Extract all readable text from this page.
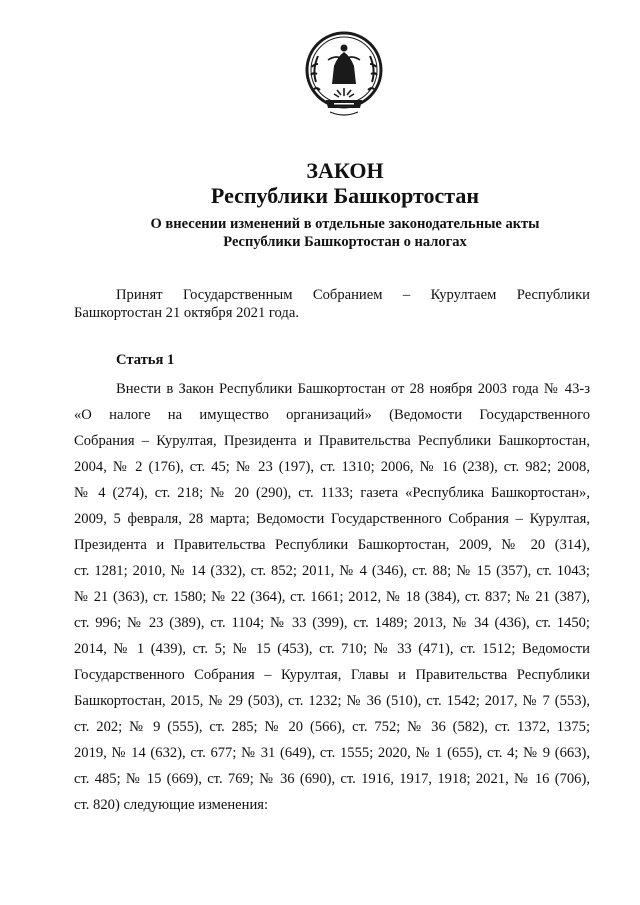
ЗАКОН
Республики Башкортостан
О внесении изменений в отдельные законодательные акты
Республики Башкортостан о налогах
Принят Государственным Собранием – Курултаем Республики
Башкортостан 21 октября 2021 года.
Статья 1
Внести в Закон Республики Башкортостан от 28 ноября 2003 года № 43-з
«О налоге на имущество организаций» (Ведомости Государственного
Собрания – Курултая, Президента и Правительства Республики Башкортостан,
2004, № 2 (176), ст. 45; № 23 (197), ст. 1310; 2006, № 16 (238), ст. 982; 2008,
№ 4 (274), ст. 218; № 20 (290), ст. 1133; газета «Республика Башкортостан»,
2009, 5 февраля, 28 марта; Ведомости Государственного Собрания – Курултая,
Президента и Правительства Республики Башкортостан, 2009, № 20 (314),
ст. 1281; 2010, № 14 (332), ст. 852; 2011, № 4 (346), ст. 88; № 15 (357), ст. 1043;
№ 21 (363), ст. 1580; № 22 (364), ст. 1661; 2012, № 18 (384), ст. 837; № 21 (387),
ст. 996; № 23 (389), ст. 1104; № 33 (399), ст. 1489; 2013, № 34 (436), ст. 1450;
2014, № 1 (439), ст. 5; № 15 (453), ст. 710; № 33 (471), ст. 1512; Ведомости
Государственного Собрания – Курултая, Главы и Правительства Республики
Башкортостан, 2015, № 29 (503), ст. 1232; № 36 (510), ст. 1542; 2017, № 7 (553),
ст. 202; № 9 (555), ст. 285; № 20 (566), ст. 752; № 36 (582), ст. 1372, 1375;
2019, № 14 (632), ст. 677; № 31 (649), ст. 1555; 2020, № 1 (655), ст. 4; № 9 (663),
ст. 485; № 15 (669), ст. 769; № 36 (690), ст. 1916, 1917, 1918; 2021, № 16 (706),
ст. 820) следующие изменения:
